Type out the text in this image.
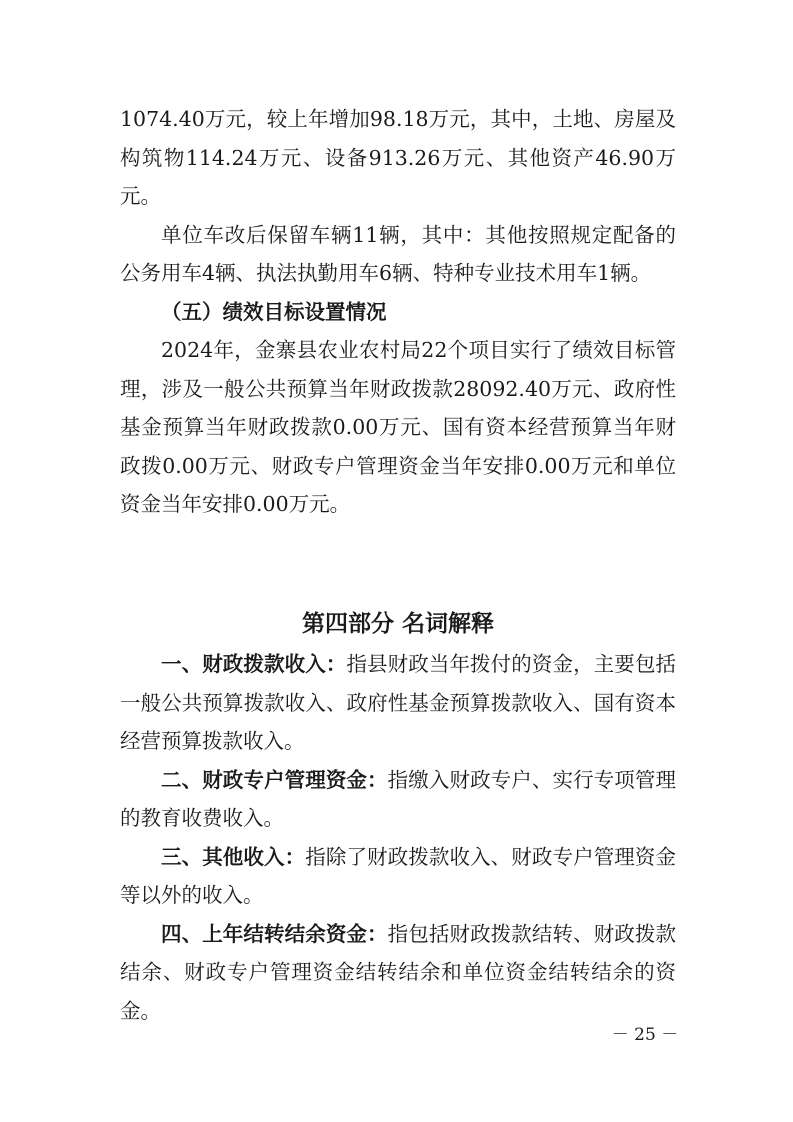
1074.40万元，较上年增加98.18万元，其中，土地、房屋及构筑物114.24万元、设备913.26万元、其他资产46.90万元。

单位车改后保留车辆11辆，其中：其他按照规定配备的公务用车4辆、执法执勤用车6辆、特种专业技术用车1辆。

（五）绩效目标设置情况

2024年，金寨县农业农村局22个项目实行了绩效目标管理，涉及一般公共预算当年财政拨款28092.40万元、政府性基金预算当年财政拨款0.00万元、国有资本经营预算当年财政拨0.00万元、财政专户管理资金当年安排0.00万元和单位资金当年安排0.00万元。

第四部分 名词解释

一、财政拨款收入：指县财政当年拨付的资金，主要包括一般公共预算拨款收入、政府性基金预算拨款收入、国有资本经营预算拨款收入。

二、财政专户管理资金：指缴入财政专户、实行专项管理的教育收费收入。

三、其他收入：指除了财政拨款收入、财政专户管理资金等以外的收入。

四、上年结转结余资金：指包括财政拨款结转、财政拨款结余、财政专户管理资金结转结余和单位资金结转结余的资金。

－ 25 －
